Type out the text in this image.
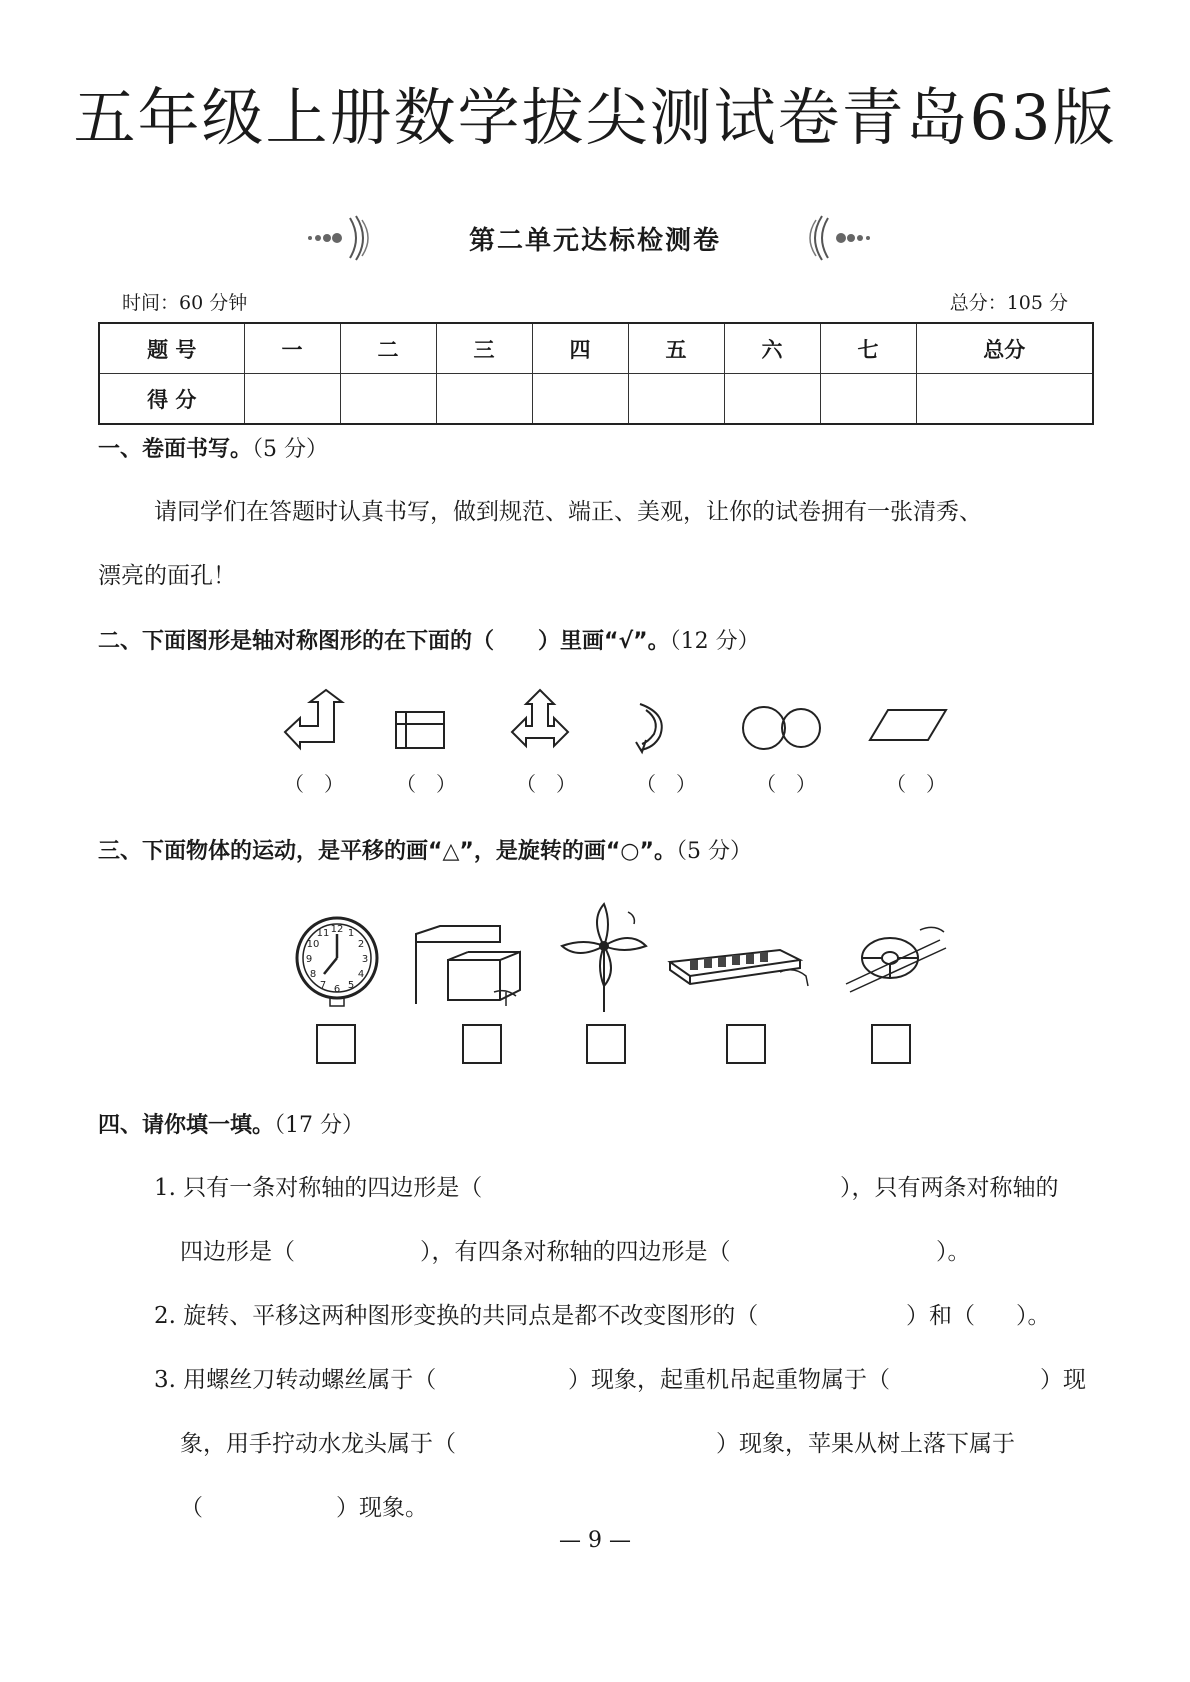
五年级上册数学拔尖测试卷青岛63版
第二单元达标检测卷
时间：60 分钟	总分：105 分
题 号	一	二	三	四	五	六	七	总分
得 分								
一、卷面书写。（5 分）
请同学们在答题时认真书写，做到规范、端正、美观，让你的试卷拥有一张清秀、
漂亮的面孔！
二、下面图形是轴对称图形的在下面的（　　）里画“√”。（12 分）
（　）	（　）	（　）	（　）	（　）	（　）
三、下面物体的运动，是平移的画“△”，是旋转的画“○”。（5 分）
12 1
2
3
4
5
6
7
8
9
10
11
四、请你填一填。（17 分）
1. 只有一条对称轴的四边形是（	），只有两条对称轴的
四边形是（	），有四条对称轴的四边形是（	）。
2. 旋转、平移这两种图形变换的共同点是都不改变图形的（	）和（ ）。
3. 用螺丝刀转动螺丝属于（	）现象，起重机吊起重物属于（	）现
象，用手拧动水龙头属于（	）现象，苹果从树上落下属于
（	）现象。
— 9 —
